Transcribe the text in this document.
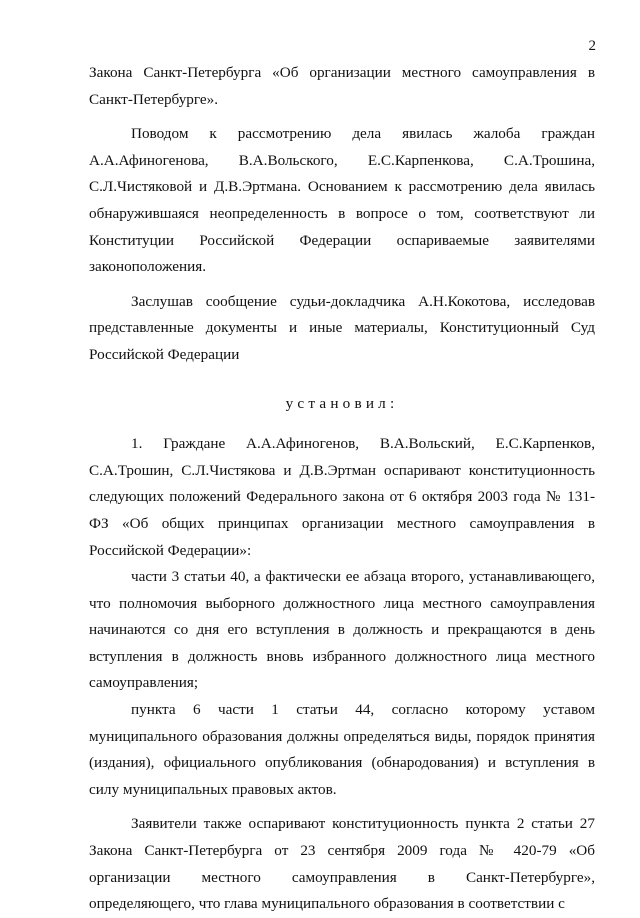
2

Закона Санкт-Петербурга «Об организации местного самоуправления в Санкт-Петербурге».

Поводом к рассмотрению дела явилась жалоба граждан А.А.Афиногенова, В.А.Вольского, Е.С.Карпенкова, С.А.Трошина, С.Л.Чистяковой и Д.В.Эртмана. Основанием к рассмотрению дела явилась обнаружившаяся неопределенность в вопросе о том, соответствуют ли Конституции Российской Федерации оспариваемые заявителями законоположения.

Заслушав сообщение судьи-докладчика А.Н.Кокотова, исследовав представленные документы и иные материалы, Конституционный Суд Российской Федерации

установил:

1. Граждане А.А.Афиногенов, В.А.Вольский, Е.С.Карпенков, С.А.Трошин, С.Л.Чистякова и Д.В.Эртман оспаривают конституционность следующих положений Федерального закона от 6 октября 2003 года № 131-ФЗ «Об общих принципах организации местного самоуправления в Российской Федерации»:

части 3 статьи 40, а фактически ее абзаца второго, устанавливающего, что полномочия выборного должностного лица местного самоуправления начинаются со дня его вступления в должность и прекращаются в день вступления в должность вновь избранного должностного лица местного самоуправления;

пункта 6 части 1 статьи 44, согласно которому уставом муниципального образования должны определяться виды, порядок принятия (издания), официального опубликования (обнародования) и вступления в силу муниципальных правовых актов.

Заявители также оспаривают конституционность пункта 2 статьи 27 Закона Санкт-Петербурга от 23 сентября 2009 года № 420-79 «Об организации местного самоуправления в Санкт-Петербурге», определяющего, что глава муниципального образования в соответствии с
